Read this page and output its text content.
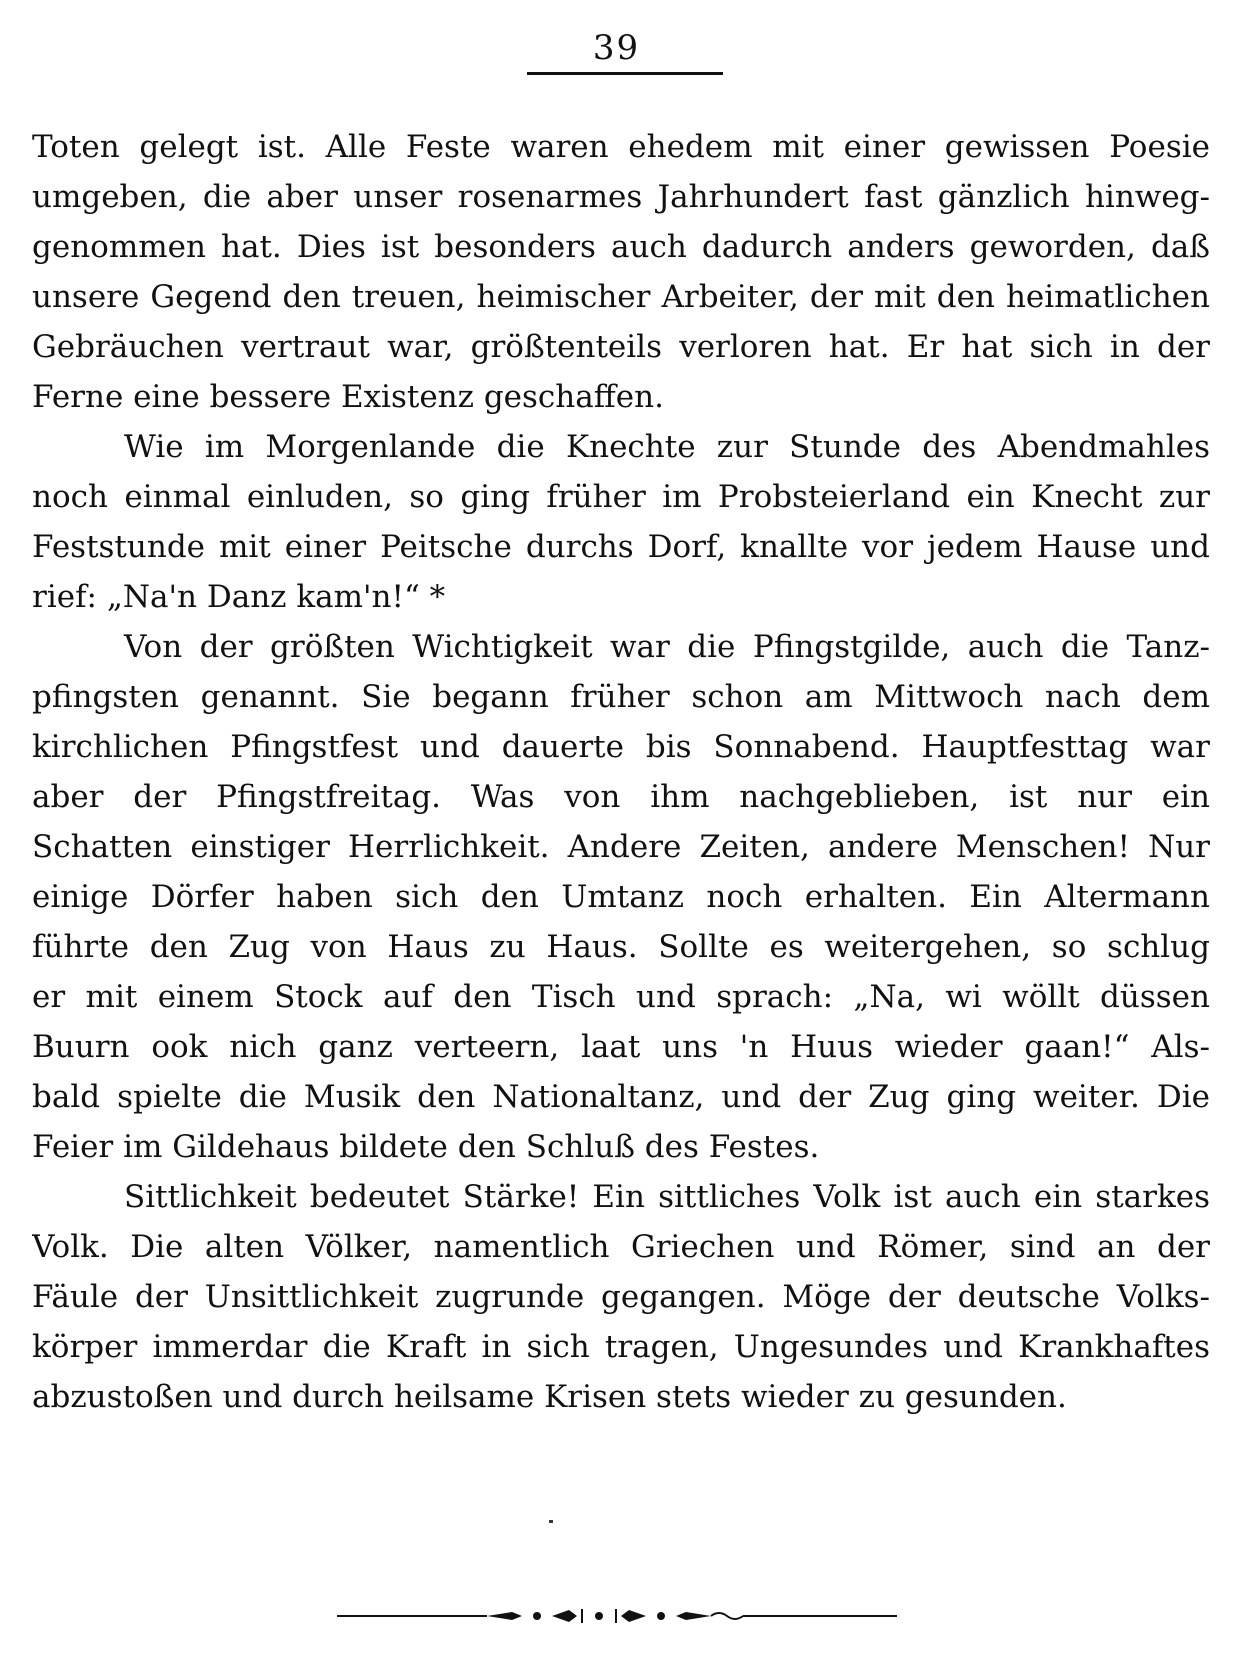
39
Toten gelegt ist. Alle Feste waren ehedem mit einer gewissen Poesie
umgeben, die aber unser rosenarmes Jahrhundert fast gänzlich hinweg-
genommen hat. Dies ist besonders auch dadurch anders geworden, daß
unsere Gegend den treuen, heimischer Arbeiter, der mit den heimatlichen
Gebräuchen vertraut war, größtenteils verloren hat. Er hat sich in der
Ferne eine bessere Existenz geschaffen.
Wie im Morgenlande die Knechte zur Stunde des Abendmahles
noch einmal einluden, so ging früher im Probsteierland ein Knecht zur
Feststunde mit einer Peitsche durchs Dorf, knallte vor jedem Hause und
rief: „Na'n Danz kam'n!“ *
Von der größten Wichtigkeit war die Pfingstgilde, auch die Tanz-
pfingsten genannt. Sie begann früher schon am Mittwoch nach dem
kirchlichen Pfingstfest und dauerte bis Sonnabend. Hauptfesttag war
aber der Pfingstfreitag. Was von ihm nachgeblieben, ist nur ein
Schatten einstiger Herrlichkeit. Andere Zeiten, andere Menschen! Nur
einige Dörfer haben sich den Umtanz noch erhalten. Ein Altermann
führte den Zug von Haus zu Haus. Sollte es weitergehen, so schlug
er mit einem Stock auf den Tisch und sprach: „Na, wi wöllt düssen
Buurn ook nich ganz verteern, laat uns 'n Huus wieder gaan!“ Als-
bald spielte die Musik den Nationaltanz, und der Zug ging weiter. Die
Feier im Gildehaus bildete den Schluß des Festes.
Sittlichkeit bedeutet Stärke! Ein sittliches Volk ist auch ein starkes
Volk. Die alten Völker, namentlich Griechen und Römer, sind an der
Fäule der Unsittlichkeit zugrunde gegangen. Möge der deutsche Volks-
körper immerdar die Kraft in sich tragen, Ungesundes und Krankhaftes
abzustoßen und durch heilsame Krisen stets wieder zu gesunden.
